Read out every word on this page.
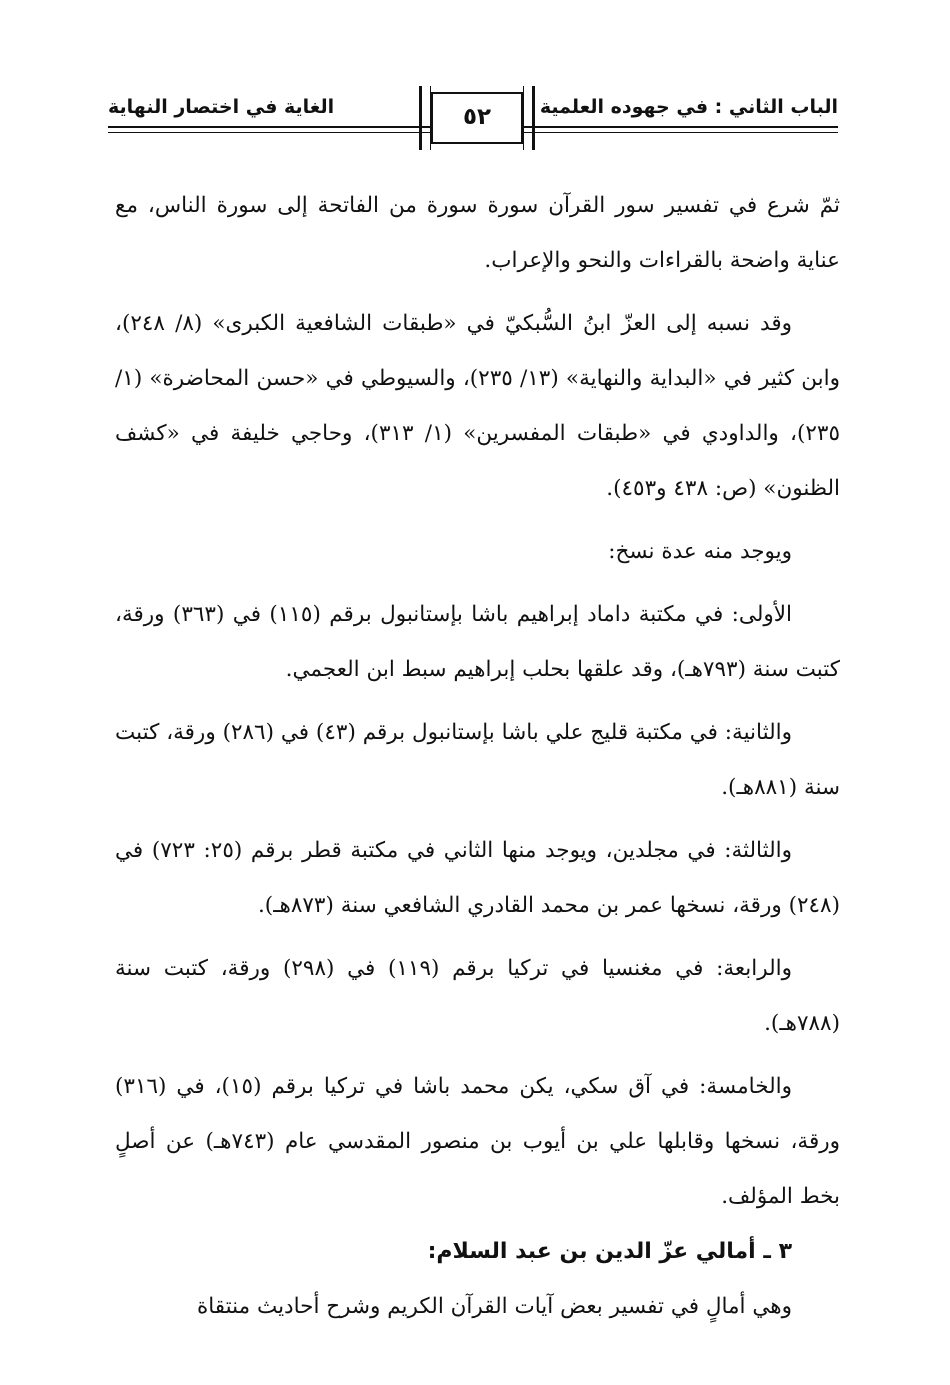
الباب الثاني : في جهوده العلمية
الغاية في اختصار النهاية	٥٢

ثمّ شرع في تفسير سور القرآن سورة سورة من الفاتحة إلى سورة الناس، مع عناية واضحة بالقراءات والنحو والإعراب.

وقد نسبه إلى العزّ ابنُ السُّبكيّ في «طبقات الشافعية الكبرى» (٨/ ٢٤٨)، وابن كثير في «البداية والنهاية» (١٣/ ٢٣٥)، والسيوطي في «حسن المحاضرة» (١/ ٢٣٥)، والداودي في «طبقات المفسرين» (١/ ٣١٣)، وحاجي خليفة في «كشف الظنون» (ص: ٤٣٨ و٤٥٣).

ويوجد منه عدة نسخ:

الأولى: في مكتبة داماد إبراهيم باشا بإستانبول برقم (١١٥) في (٣٦٣) ورقة، كتبت سنة (٧٩٣هـ)، وقد علقها بحلب إبراهيم سبط ابن العجمي.

والثانية: في مكتبة قليج علي باشا بإستانبول برقم (٤٣) في (٢٨٦) ورقة، كتبت سنة (٨٨١هـ).

والثالثة: في مجلدين، ويوجد منها الثاني في مكتبة قطر برقم (٢٥: ٧٢٣) في (٢٤٨) ورقة، نسخها عمر بن محمد القادري الشافعي سنة (٨٧٣هـ).

والرابعة: في مغنسيا في تركيا برقم (١١٩) في (٢٩٨) ورقة، كتبت سنة (٧٨٨هـ).

والخامسة: في آق سكي، يكن محمد باشا في تركيا برقم (١٥)، في (٣١٦) ورقة، نسخها وقابلها علي بن أيوب بن منصور المقدسي عام (٧٤٣هـ) عن أصلٍ بخط المؤلف.

٣ ـ أمالي عزّ الدين بن عبد السلام:

وهي أمالٍ في تفسير بعض آيات القرآن الكريم وشرح أحاديث منتقاة
